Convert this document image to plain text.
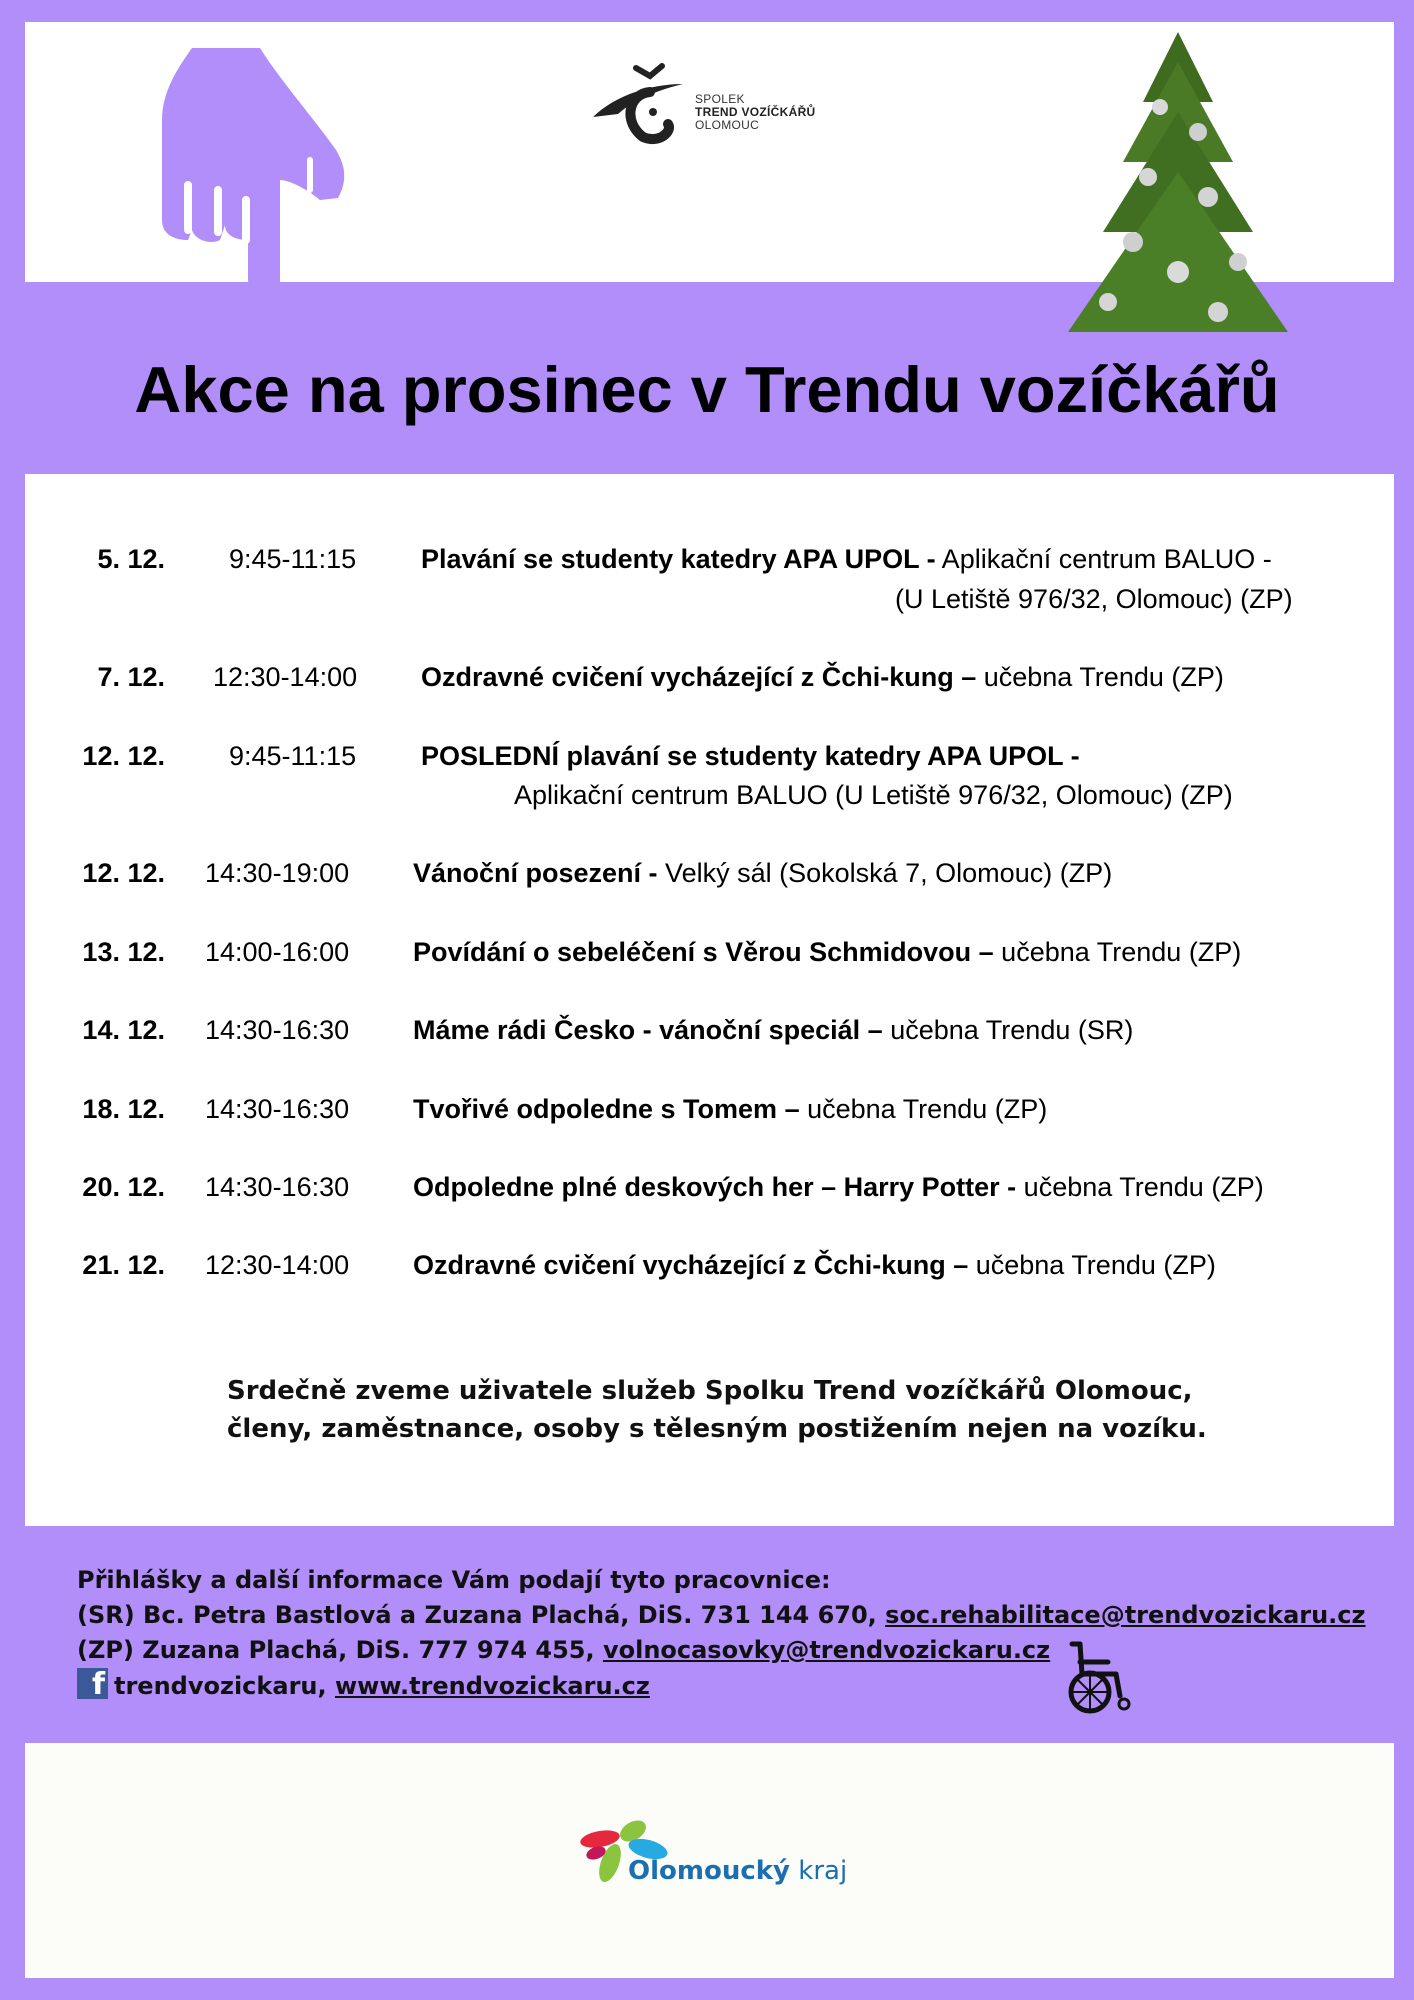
SPOLEK
TREND VOZÍČKÁŘŮ
OLOMOUC
Akce na prosinec v Trendu vozíčkářů
5. 12. 9:45-11:15 Plavání se studenty katedry APA UPOL - Aplikační centrum BALUO -
(U Letiště 976/32, Olomouc) (ZP)
7. 12. 12:30-14:00 Ozdravné cvičení vycházející z Čchi-kung – učebna Trendu (ZP)
12. 12. 9:45-11:15 POSLEDNÍ plavání se studenty katedry APA UPOL -
Aplikační centrum BALUO (U Letiště 976/32, Olomouc) (ZP)
12. 12. 14:30-19:00 Vánoční posezení - Velký sál (Sokolská 7, Olomouc) (ZP)
13. 12. 14:00-16:00 Povídání o sebeléčení s Věrou Schmidovou – učebna Trendu (ZP)
14. 12. 14:30-16:30 Máme rádi Česko - vánoční speciál – učebna Trendu (SR)
18. 12. 14:30-16:30 Tvořivé odpoledne s Tomem – učebna Trendu (ZP)
20. 12. 14:30-16:30 Odpoledne plné deskových her – Harry Potter - učebna Trendu (ZP)
21. 12. 12:30-14:00 Ozdravné cvičení vycházející z Čchi-kung – učebna Trendu (ZP)
Srdečně zveme uživatele služeb Spolku Trend vozíčkářů Olomouc,
členy, zaměstnance, osoby s tělesným postižením nejen na vozíku.
Přihlášky a další informace Vám podají tyto pracovnice:
(SR) Bc. Petra Bastlová a Zuzana Plachá, DiS. 731 144 670, soc.rehabilitace@trendvozickaru.cz
(ZP) Zuzana Plachá, DiS. 777 974 455, volnocasovky@trendvozickaru.cz
f trendvozickaru, www.trendvozickaru.cz
Olomoucký kraj
